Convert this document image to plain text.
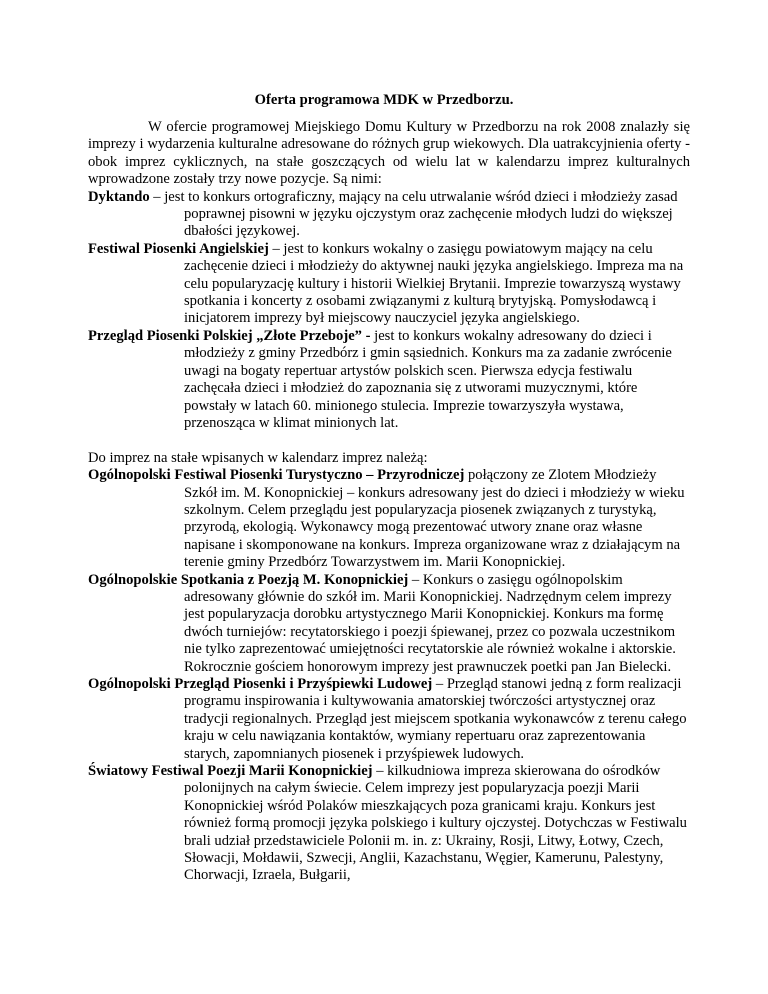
Oferta programowa MDK w Przedborzu.

W ofercie programowej Miejskiego Domu Kultury w Przedborzu na rok 2008 znalazły się imprezy i wydarzenia kulturalne adresowane do różnych grup wiekowych. Dla uatrakcyjnienia oferty - obok imprez cyklicznych, na stałe goszczących od wielu lat w kalendarzu imprez kulturalnych wprowadzone zostały trzy nowe pozycje. Są nimi:

Dyktando – jest to konkurs ortograficzny, mający na celu utrwalanie wśród dzieci i młodzieży zasad poprawnej pisowni w języku ojczystym oraz zachęcenie młodych ludzi do większej dbałości językowej.

Festiwal Piosenki Angielskiej – jest to konkurs wokalny o zasięgu powiatowym mający na celu zachęcenie dzieci i młodzieży do aktywnej nauki języka angielskiego. Impreza ma na celu popularyzację kultury i historii Wielkiej Brytanii. Imprezie towarzyszą wystawy spotkania i koncerty z osobami związanymi z kulturą brytyjską. Pomysłodawcą i inicjatorem imprezy był miejscowy nauczyciel języka angielskiego.

Przegląd Piosenki Polskiej „Złote Przeboje” - jest to konkurs wokalny adresowany do dzieci i młodzieży z gminy Przedbórz i gmin sąsiednich. Konkurs ma za zadanie zwrócenie uwagi na bogaty repertuar artystów polskich scen. Pierwsza edycja festiwalu zachęcała dzieci i młodzież do zapoznania się z utworami muzycznymi, które powstały w latach 60. minionego stulecia. Imprezie towarzyszyła wystawa, przenosząca w klimat minionych lat.

Do imprez na stałe wpisanych w kalendarz imprez należą:

Ogólnopolski Festiwal Piosenki Turystyczno – Przyrodniczej połączony ze Zlotem Młodzieży Szkół im. M. Konopnickiej – konkurs adresowany jest do dzieci i młodzieży w wieku szkolnym. Celem przeglądu jest popularyzacja piosenek związanych z turystyką, przyrodą, ekologią. Wykonawcy mogą prezentować utwory znane oraz własne napisane i skomponowane na konkurs. Impreza organizowane wraz z działającym na terenie gminy Przedbórz Towarzystwem im. Marii Konopnickiej.

Ogólnopolskie Spotkania z Poezją M. Konopnickiej – Konkurs o zasięgu ogólnopolskim adresowany głównie do szkół im. Marii Konopnickiej. Nadrzędnym celem imprezy jest popularyzacja dorobku artystycznego Marii Konopnickiej. Konkurs ma formę dwóch turniejów: recytatorskiego i poezji śpiewanej, przez co pozwala uczestnikom nie tylko zaprezentować umiejętności recytatorskie ale również wokalne i aktorskie. Rokrocznie gościem honorowym imprezy jest prawnuczek poetki pan Jan Bielecki.

Ogólnopolski Przegląd Piosenki i Przyśpiewki Ludowej – Przegląd stanowi jedną z form realizacji programu inspirowania i kultywowania amatorskiej twórczości artystycznej oraz tradycji regionalnych. Przegląd jest miejscem spotkania wykonawców z terenu całego kraju w celu nawiązania kontaktów, wymiany repertuaru oraz zaprezentowania starych, zapomnianych piosenek i przyśpiewek ludowych.

Światowy Festiwal Poezji Marii Konopnickiej – kilkudniowa impreza skierowana do ośrodków polonijnych na całym świecie. Celem imprezy jest popularyzacja poezji Marii Konopnickiej wśród Polaków mieszkających poza granicami kraju. Konkurs jest również formą promocji języka polskiego i kultury ojczystej. Dotychczas w Festiwalu brali udział przedstawiciele Polonii m. in. z: Ukrainy, Rosji, Litwy, Łotwy, Czech, Słowacji, Mołdawii, Szwecji, Anglii, Kazachstanu, Węgier, Kamerunu, Palestyny, Chorwacji, Izraela, Bułgarii,
